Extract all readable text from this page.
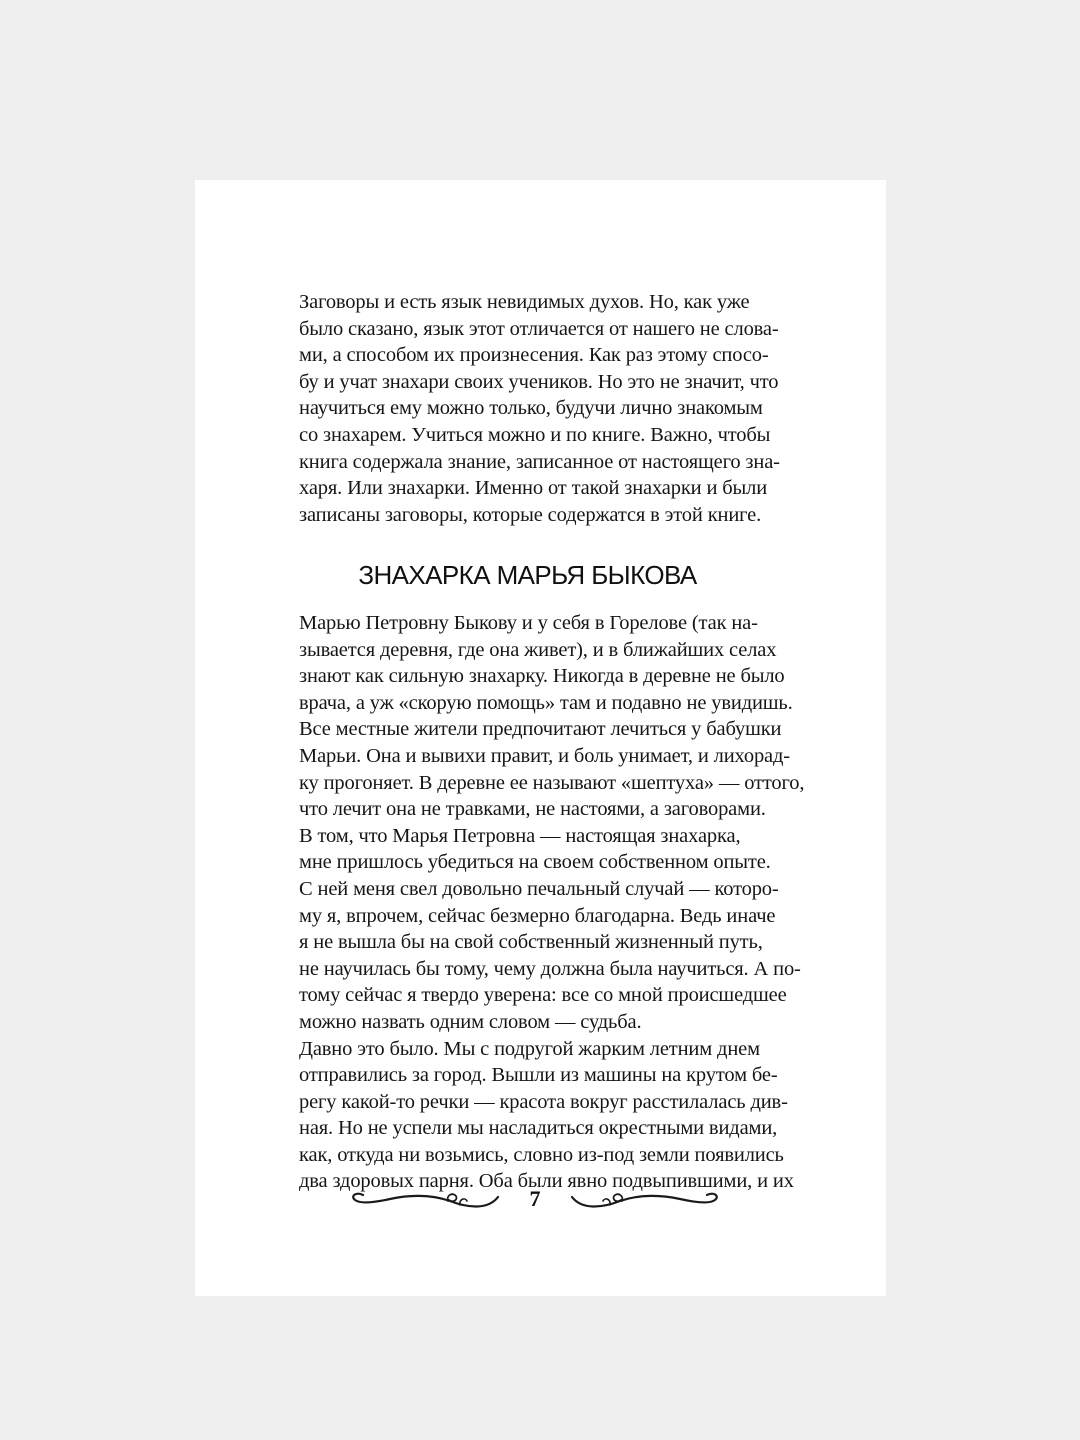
Заговоры и есть язык невидимых духов. Но, как уже
было сказано, язык этот отличается от нашего не слова-
ми, а способом их произнесения. Как раз этому спосо-
бу и учат знахари своих учеников. Но это не значит, что
научиться ему можно только, будучи лично знакомым
со знахарем. Учиться можно и по книге. Важно, чтобы
книга содержала знание, записанное от настоящего зна-
харя. Или знахарки. Именно от такой знахарки и были
записаны заговоры, которые содержатся в этой книге.

ЗНАХАРКА МАРЬЯ БЫКОВА

Марью Петровну Быкову и у себя в Горелове (так на-
зывается деревня, где она живет), и в ближайших селах
знают как сильную знахарку. Никогда в деревне не было
врача, а уж «скорую помощь» там и подавно не увидишь.
Все местные жители предпочитают лечиться у бабушки
Марьи. Она и вывихи правит, и боль унимает, и лихорад-
ку прогоняет. В деревне ее называют «шептуха» — оттого,
что лечит она не травками, не настоями, а заговорами.

В том, что Марья Петровна — настоящая знахарка,
мне пришлось убедиться на своем собственном опыте.
С ней меня свел довольно печальный случай — которо-
му я, впрочем, сейчас безмерно благодарна. Ведь иначе
я не вышла бы на свой собственный жизненный путь,
не научилась бы тому, чему должна была научиться. А по-
тому сейчас я твердо уверена: все со мной происшедшее
можно назвать одним словом — судьба.

Давно это было. Мы с подругой жарким летним днем
отправились за город. Вышли из машины на крутом бе-
регу какой-то речки — красота вокруг расстилалась див-
ная. Но не успели мы насладиться окрестными видами,
как, откуда ни возьмись, словно из-под земли появились
два здоровых парня. Оба были явно подвыпившими, и их

7
